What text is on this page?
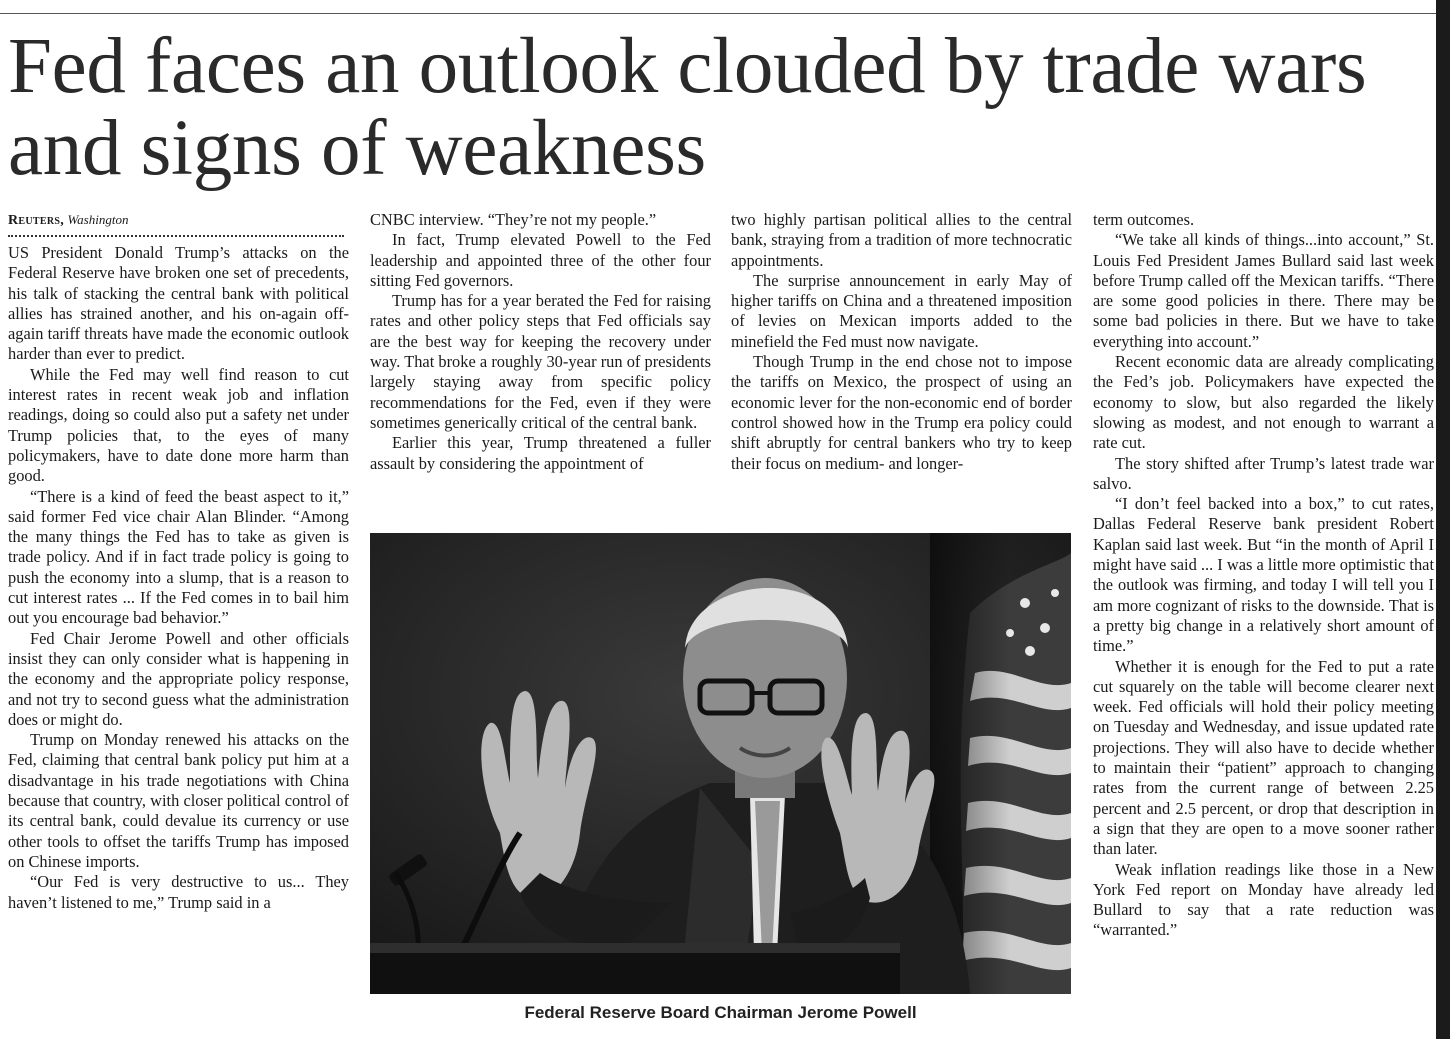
Fed faces an outlook clouded by trade wars and signs of weakness

Reuters, Washington

US President Donald Trump’s attacks on the Federal Reserve have broken one set of precedents, his talk of stacking the central bank with political allies has strained another, and his on-again off-again tariff threats have made the economic outlook harder than ever to predict.

While the Fed may well find reason to cut interest rates in recent weak job and inflation readings, doing so could also put a safety net under Trump policies that, to the eyes of many policymakers, have to date done more harm than good.

“There is a kind of feed the beast aspect to it,” said former Fed vice chair Alan Blinder. “Among the many things the Fed has to take as given is trade policy. And if in fact trade policy is going to push the economy into a slump, that is a reason to cut interest rates ... If the Fed comes in to bail him out you encourage bad behavior.”

Fed Chair Jerome Powell and other officials insist they can only consider what is happening in the economy and the appropriate policy response, and not try to second guess what the administration does or might do.

Trump on Monday renewed his attacks on the Fed, claiming that central bank policy put him at a disadvantage in his trade negotiations with China because that country, with closer political control of its central bank, could devalue its currency or use other tools to offset the tariffs Trump has imposed on Chinese imports.

“Our Fed is very destructive to us... They haven’t listened to me,” Trump said in a

CNBC interview. “They’re not my people.”

In fact, Trump elevated Powell to the Fed leadership and appointed three of the other four sitting Fed governors.

Trump has for a year berated the Fed for raising rates and other policy steps that Fed officials say are the best way for keeping the recovery under way. That broke a roughly 30-year run of presidents largely staying away from specific policy recommendations for the Fed, even if they were sometimes generically critical of the central bank.

Earlier this year, Trump threatened a fuller assault by considering the appointment of

two highly partisan political allies to the central bank, straying from a tradition of more technocratic appointments.

The surprise announcement in early May of higher tariffs on China and a threatened imposition of levies on Mexican imports added to the minefield the Fed must now navigate.

Though Trump in the end chose not to impose the tariffs on Mexico, the prospect of using an economic lever for the non-economic end of border control showed how in the Trump era policy could shift abruptly for central bankers who try to keep their focus on medium- and longer-

term outcomes.

“We take all kinds of things...into account,” St. Louis Fed President James Bullard said last week before Trump called off the Mexican tariffs. “There are some good policies in there. There may be some bad policies in there. But we have to take everything into account.”

Recent economic data are already complicating the Fed’s job. Policymakers have expected the economy to slow, but also regarded the likely slowing as modest, and not enough to warrant a rate cut.

The story shifted after Trump’s latest trade war salvo.

“I don’t feel backed into a box,” to cut rates, Dallas Federal Reserve bank president Robert Kaplan said last week. But “in the month of April I might have said ... I was a little more optimistic that the outlook was firming, and today I will tell you I am more cognizant of risks to the downside. That is a pretty big change in a relatively short amount of time.”

Whether it is enough for the Fed to put a rate cut squarely on the table will become clearer next week. Fed officials will hold their policy meeting on Tuesday and Wednesday, and issue updated rate projections. They will also have to decide whether to maintain their “patient” approach to changing rates from the current range of between 2.25 percent and 2.5 percent, or drop that description in a sign that they are open to a move sooner rather than later.

Weak inflation readings like those in a New York Fed report on Monday have already led Bullard to say that a rate reduction was “warranted.”

Federal Reserve Board Chairman Jerome Powell
